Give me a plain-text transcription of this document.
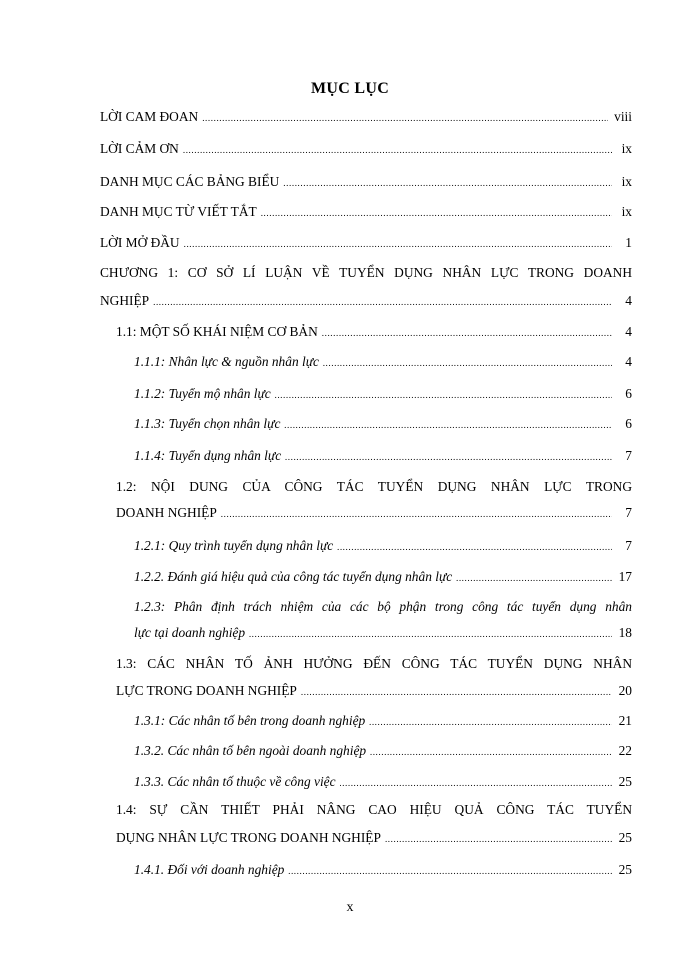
MỤC LỤC
LỜI CAM ĐOAN .....	viii
LỜI CẢM ƠN .....	ix
DANH MỤC CÁC BẢNG BIỂU .....	ix
DANH MỤC TỪ VIẾT TẮT .....	ix
LỜI MỞ ĐẦU .....	1
CHƯƠNG 1: CƠ SỞ LÍ LUẬN VỀ TUYỂN DỤNG NHÂN LỰC TRONG DOANH
NGHIỆP .....	4
1.1: MỘT SỐ KHÁI NIỆM CƠ BẢN .....	4
1.1.1: Nhân lực & nguồn nhân lực .....	4
1.1.2: Tuyển mộ nhân lực .....	6
1.1.3: Tuyển chọn nhân lực .....	6
1.1.4: Tuyển dụng nhân lực .....	7
1.2: NỘI DUNG CỦA CÔNG TÁC TUYỂN DỤNG NHÂN LỰC TRONG
DOANH NGHIỆP .....	7
1.2.1: Quy trình tuyển dụng nhân lực .....	7
1.2.2. Đánh giá hiệu quả của công tác tuyển dụng nhân lực .....	17
1.2.3: Phân định trách nhiệm của các bộ phận trong công tác tuyển dụng nhân
lực tại doanh nghiệp .....	18
1.3: CÁC NHÂN TỐ ẢNH HƯỞNG ĐẾN CÔNG TÁC TUYỂN DỤNG NHÂN
LỰC TRONG DOANH NGHIỆP .....	20
1.3.1: Các nhân tố bên trong doanh nghiệp .....	21
1.3.2. Các nhân tố bên ngoài doanh nghiệp .....	22
1.3.3. Các nhân tố thuộc về công việc .....	25
1.4: SỰ CẦN THIẾT PHẢI NÂNG CAO HIỆU QUẢ CÔNG TÁC TUYỂN
DỤNG NHÂN LỰC TRONG DOANH NGHIỆP .....	25
1.4.1. Đối với doanh nghiệp .....	25
x
